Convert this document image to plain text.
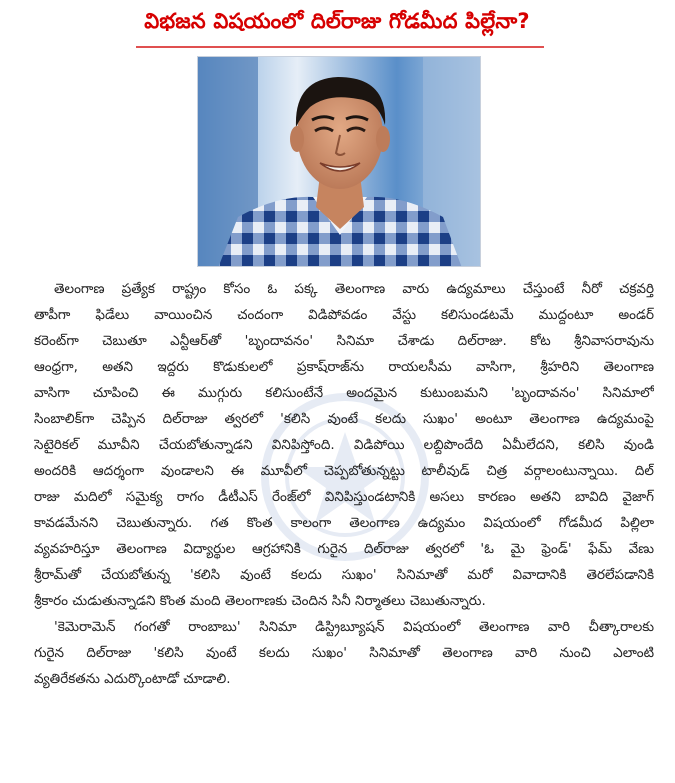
విభజన విషయంలో దిల్‌రాజు గోడమీద పిల్లేనా?

తెలంగాణ ప్రత్యేక రాష్ట్రం కోసం ఓ పక్క తెలంగాణ వారు ఉద్యమాలు చేస్తుంటే నీరో చక్రవర్తి

తాపీగా ఫిడేలు వాయించిన చందంగా విడిపోవడం వేస్టు కలిసుండటమే ముద్దంటూ అండర్

కరెంట్‌గా చెబుతూ ఎన్టీఆర్‌తో 'బృందావనం' సినిమా చేశాడు దిల్‌రాజు. కోట శ్రీనివాసరావును

ఆంధ్రగా, అతని ఇద్దరు కొడుకులలో ప్రకాష్‌రాజ్‌ను రాయలసీమ వాసిగా, శ్రీహరిని తెలంగాణ

వాసిగా చూపించి ఈ ముగ్గురు కలిసుంటేనే అందమైన కుటుంబమని 'బృందావనం' సినిమాలో

సింబాలిక్‌గా చెప్పిన దిల్‌రాజు త్వరలో 'కలిసి వుంటే కలదు సుఖం' అంటూ తెలంగాణ ఉద్యమంపై

సెటైరికల్ మూవీని చేయబోతున్నాడని వినిపిస్తోంది. విడిపోయి లబ్దిపొందేది ఏమీలేదని, కలిసి వుండి

అందరికి ఆదర్శంగా వుండాలని ఈ మూవీలో చెప్పబోతున్నట్టు టాలీవుడ్ చిత్ర వర్గాలంటున్నాయి. దిల్

రాజు మదిలో సమైక్య రాగం డీటీఎస్ రేంజ్‌లో వినిపిస్తుండటానికి అసలు కారణం అతని బావిది వైజాగ్

కావడమేనని చెబుతున్నారు. గత కొంత కాలంగా తెలంగాణ ఉద్యమం విషయంలో గోడమీద పిల్లిలా

వ్యవహరిస్తూ తెలంగాణ విద్యార్థుల ఆగ్రహానికి గురైన దిల్‌రాజు త్వరలో 'ఓ మై ఫ్రెండ్' ఫేమ్ వేణు

శ్రీరామ్‌తో చేయబోతున్న 'కలిసి వుంటే కలదు సుఖం' సినిమాతో మరో వివాదానికి తెరలేపడానికి

శ్రీకారం చుడుతున్నాడని కొంత మంది తెలంగాణకు చెందిన సినీ నిర్మాతలు చెబుతున్నారు.

'కెమెరామెన్ గంగతో రాంబాబు' సినిమా డిస్ట్రిబ్యూషన్ విషయంలో తెలంగాణ వారి చీత్కారాలకు

గురైన దిల్‌రాజు 'కలిసి వుంటే కలదు సుఖం' సినిమాతో తెలంగాణ వారి నుంచి ఎలాంటి

వ్యతిరేకతను ఎదుర్కొంటాడో చూడాలి.
